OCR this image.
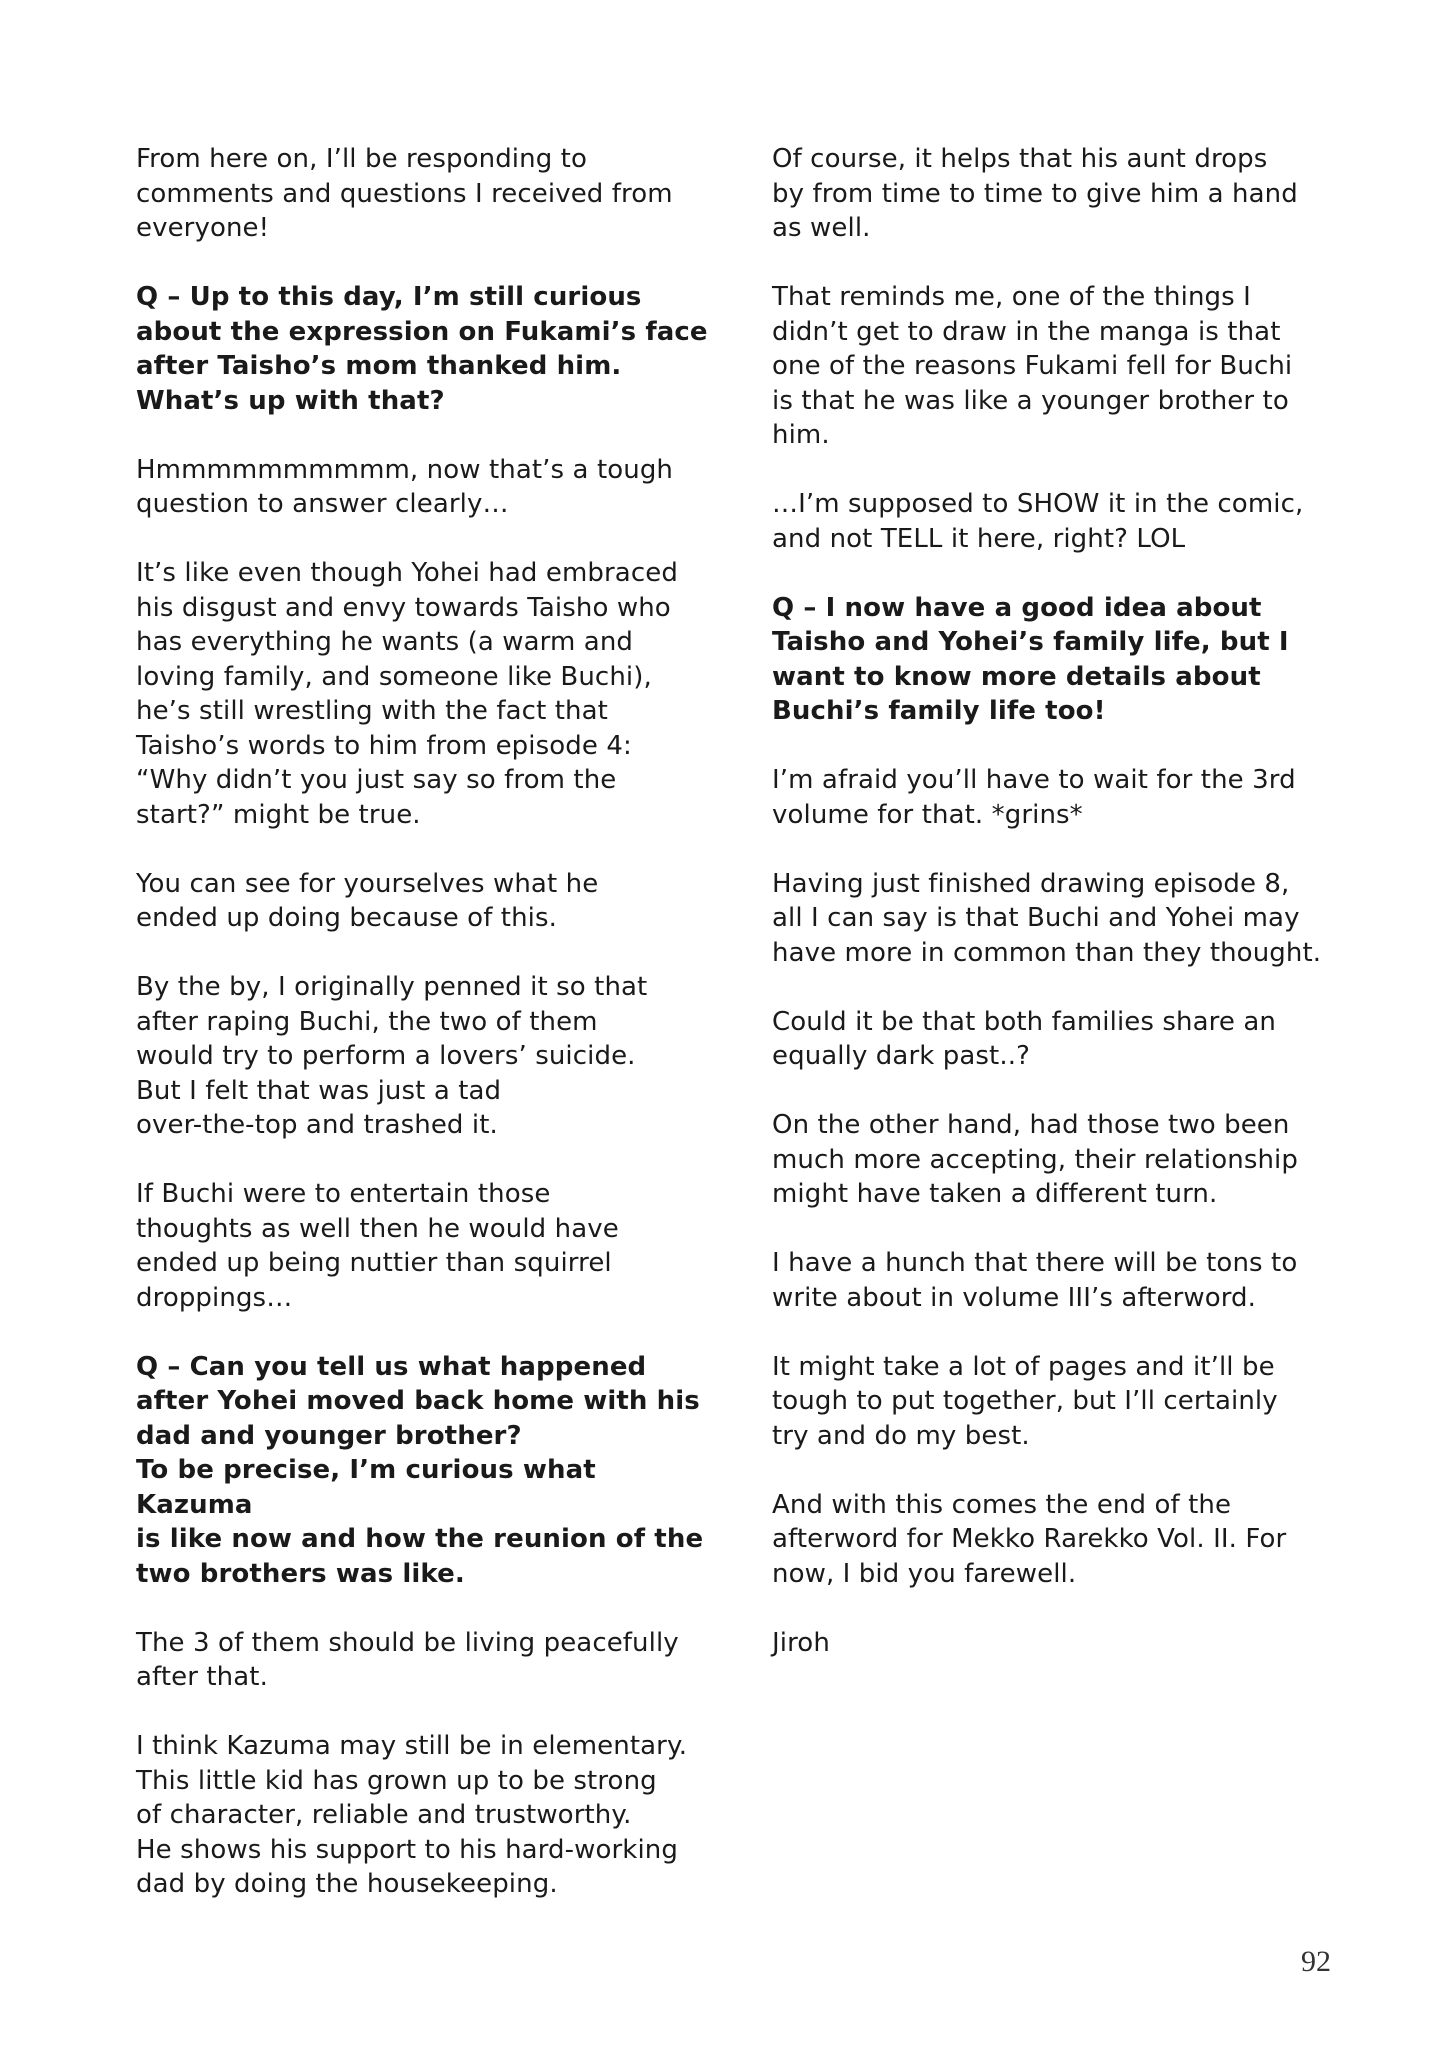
From here on, I’ll be responding to
comments and questions I received from
everyone!

Q – Up to this day, I’m still curious
about the expression on Fukami’s face
after Taisho’s mom thanked him.
What’s up with that?

Hmmmmmmmmmm, now that’s a tough
question to answer clearly…

It’s like even though Yohei had embraced
his disgust and envy towards Taisho who
has everything he wants (a warm and
loving family, and someone like Buchi),
he’s still wrestling with the fact that
Taisho’s words to him from episode 4:
“Why didn’t you just say so from the
start?” might be true.

You can see for yourselves what he
ended up doing because of this.

By the by, I originally penned it so that
after raping Buchi, the two of them
would try to perform a lovers’ suicide.
But I felt that was just a tad
over-the-top and trashed it.

If Buchi were to entertain those
thoughts as well then he would have
ended up being nuttier than squirrel
droppings…

Q – Can you tell us what happened
after Yohei moved back home with his
dad and younger brother?
To be precise, I’m curious what Kazuma
is like now and how the reunion of the
two brothers was like.

The 3 of them should be living peacefully
after that.

I think Kazuma may still be in elementary.
This little kid has grown up to be strong
of character, reliable and trustworthy.
He shows his support to his hard-working
dad by doing the housekeeping.

Of course, it helps that his aunt drops
by from time to time to give him a hand
as well.

That reminds me, one of the things I
didn’t get to draw in the manga is that
one of the reasons Fukami fell for Buchi
is that he was like a younger brother to
him.

…I’m supposed to SHOW it in the comic,
and not TELL it here, right? LOL

Q – I now have a good idea about
Taisho and Yohei’s family life, but I
want to know more details about
Buchi’s family life too!

I’m afraid you’ll have to wait for the 3rd
volume for that. *grins*

Having just finished drawing episode 8,
all I can say is that Buchi and Yohei may
have more in common than they thought.

Could it be that both families share an
equally dark past..?

On the other hand, had those two been
much more accepting, their relationship
might have taken a different turn.

I have a hunch that there will be tons to
write about in volume III’s afterword.

It might take a lot of pages and it’ll be
tough to put together, but I’ll certainly
try and do my best.

And with this comes the end of the
afterword for Mekko Rarekko Vol. II. For
now, I bid you farewell.

Jiroh

92
